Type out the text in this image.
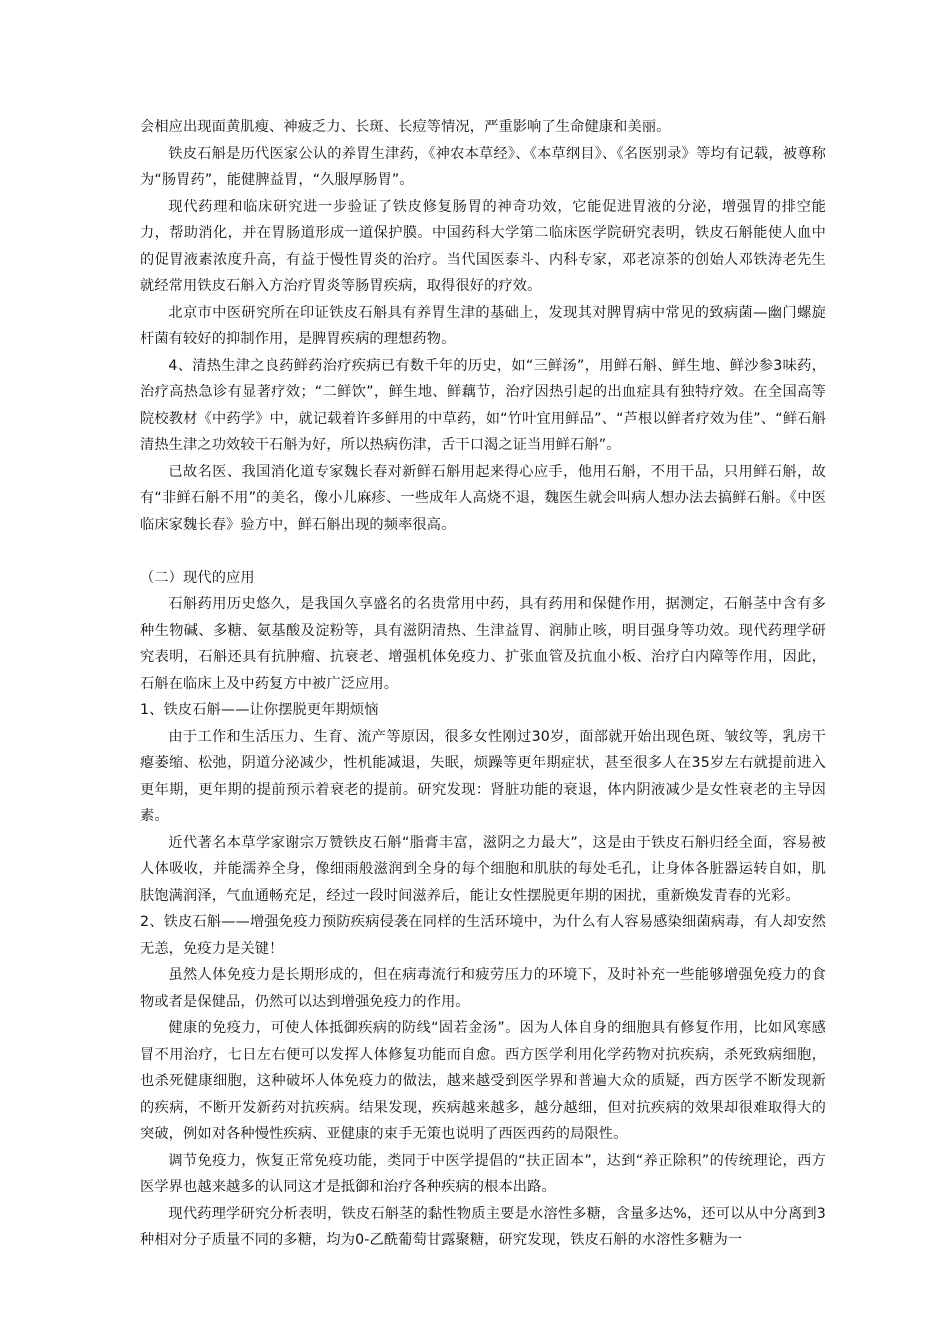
会相应出现面黄肌瘦、神疲乏力、长斑、长痘等情况，严重影响了生命健康和美丽。

铁皮石斛是历代医家公认的养胃生津药，《神农本草经》、《本草纲目》、《名医别录》等均有记载，被尊称为“肠胃药”，能健脾益胃，“久服厚肠胃”。

现代药理和临床研究进一步验证了铁皮修复肠胃的神奇功效，它能促进胃液的分泌，增强胃的排空能力，帮助消化，并在胃肠道形成一道保护膜。中国药科大学第二临床医学院研究表明，铁皮石斛能使人血中的促胃液素浓度升高，有益于慢性胃炎的治疗。当代国医泰斗、内科专家，邓老凉茶的创始人邓铁涛老先生就经常用铁皮石斛入方治疗胃炎等肠胃疾病，取得很好的疗效。

北京市中医研究所在印证铁皮石斛具有养胃生津的基础上，发现其对脾胃病中常见的致病菌—幽门螺旋杆菌有较好的抑制作用，是脾胃疾病的理想药物。

4、清热生津之良药鲜药治疗疾病已有数千年的历史，如“三鲜汤”，用鲜石斛、鲜生地、鲜沙参3味药，治疗高热急诊有显著疗效；“二鲜饮”，鲜生地、鲜藕节，治疗因热引起的出血症具有独特疗效。在全国高等院校教材《中药学》中，就记载着许多鲜用的中草药，如“竹叶宜用鲜品”、“芦根以鲜者疗效为佳”、“鲜石斛清热生津之功效较干石斛为好，所以热病伤津，舌干口渴之证当用鲜石斛”。

已故名医、我国消化道专家魏长春对新鲜石斛用起来得心应手，他用石斛，不用干品，只用鲜石斛，故有“非鲜石斛不用”的美名，像小儿麻疹、一些成年人高烧不退，魏医生就会叫病人想办法去搞鲜石斛。《中医临床家魏长春》验方中，鲜石斛出现的频率很高。

（二）现代的应用

石斛药用历史悠久，是我国久享盛名的名贵常用中药，具有药用和保健作用，据测定，石斛茎中含有多种生物碱、多糖、氨基酸及淀粉等，具有滋阴清热、生津益胃、润肺止咳，明目强身等功效。现代药理学研究表明，石斛还具有抗肿瘤、抗衰老、增强机体免疫力、扩张血管及抗血小板、治疗白内障等作用，因此，石斛在临床上及中药复方中被广泛应用。

1、铁皮石斛——让你摆脱更年期烦恼

由于工作和生活压力、生育、流产等原因，很多女性刚过30岁，面部就开始出现色斑、皱纹等，乳房干瘪萎缩、松弛，阴道分泌减少，性机能减退，失眠，烦躁等更年期症状，甚至很多人在35岁左右就提前进入更年期，更年期的提前预示着衰老的提前。研究发现：肾脏功能的衰退，体内阴液减少是女性衰老的主导因素。

近代著名本草学家谢宗万赞铁皮石斛“脂膏丰富，滋阴之力最大”，这是由于铁皮石斛归经全面，容易被人体吸收，并能濡养全身，像细雨般滋润到全身的每个细胞和肌肤的每处毛孔，让身体各脏器运转自如，肌肤饱满润泽，气血通畅充足，经过一段时间滋养后，能让女性摆脱更年期的困扰，重新焕发青春的光彩。

2、铁皮石斛——增强免疫力预防疾病侵袭在同样的生活环境中，为什么有人容易感染细菌病毒，有人却安然无恙，免疫力是关键！

虽然人体免疫力是长期形成的，但在病毒流行和疲劳压力的环境下，及时补充一些能够增强免疫力的食物或者是保健品，仍然可以达到增强免疫力的作用。

健康的免疫力，可使人体抵御疾病的防线“固若金汤”。因为人体自身的细胞具有修复作用，比如风寒感冒不用治疗，七日左右便可以发挥人体修复功能而自愈。西方医学利用化学药物对抗疾病，杀死致病细胞，也杀死健康细胞，这种破坏人体免疫力的做法，越来越受到医学界和普遍大众的质疑，西方医学不断发现新的疾病，不断开发新药对抗疾病。结果发现，疾病越来越多，越分越细，但对抗疾病的效果却很难取得大的突破，例如对各种慢性疾病、亚健康的束手无策也说明了西医西药的局限性。

调节免疫力，恢复正常免疫功能，类同于中医学提倡的“扶正固本”，达到“养正除积”的传统理论，西方医学界也越来越多的认同这才是抵御和治疗各种疾病的根本出路。

现代药理学研究分析表明，铁皮石斛茎的黏性物质主要是水溶性多糖，含量多达%，还可以从中分离到3种相对分子质量不同的多糖，均为0-乙酰葡萄甘露聚糖，研究发现，铁皮石斛的水溶性多糖为一
